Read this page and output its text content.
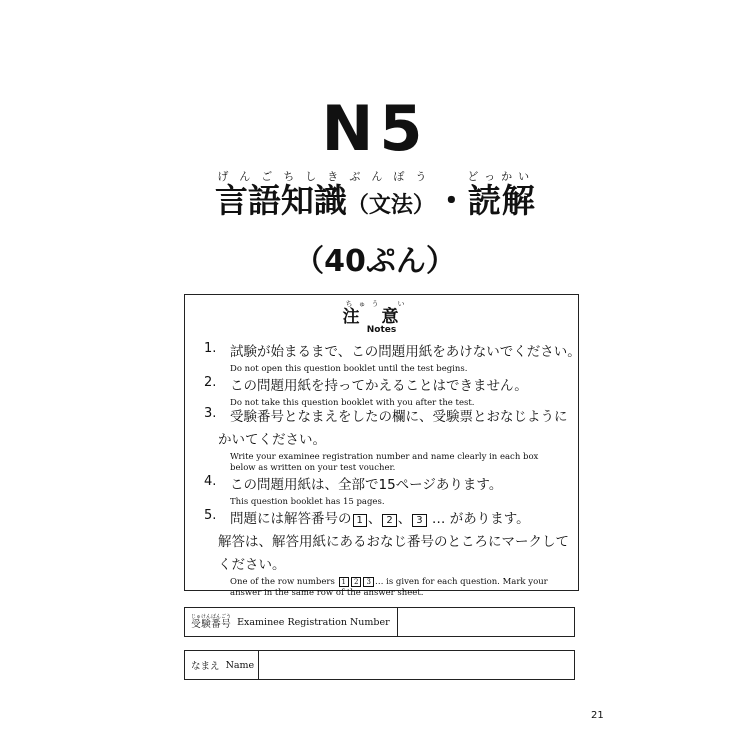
N5
言語知識げんごちしき（文法）ぶんぽう・読解どっかい
（40ぷん）
注ちゅう意い
Notes
1. 試験が始まるまで、この問題用紙をあけないでください。
Do not open this question booklet until the test begins.
2. この問題用紙を持ってかえることはできません。
Do not take this question booklet with you after the test.
3. 受験番号となまえをしたの欄に、受験票とおなじように
かいてください。
Write your examinee registration number and name clearly in each box below as written on your test voucher.
4. この問題用紙は、全部で15ページあります。
This question booklet has 15 pages.
5. 問題には解答番号の 1 、 2 、 3 … があります。
解答は、解答用紙にあるおなじ番号のところにマークして
ください。
One of the row numbers 1 2 3 … is given for each question. Mark your answer in the same row of the answer sheet.
受験番号じゅけんばんごう
Examinee Registration Number
なまえ
Name
21
